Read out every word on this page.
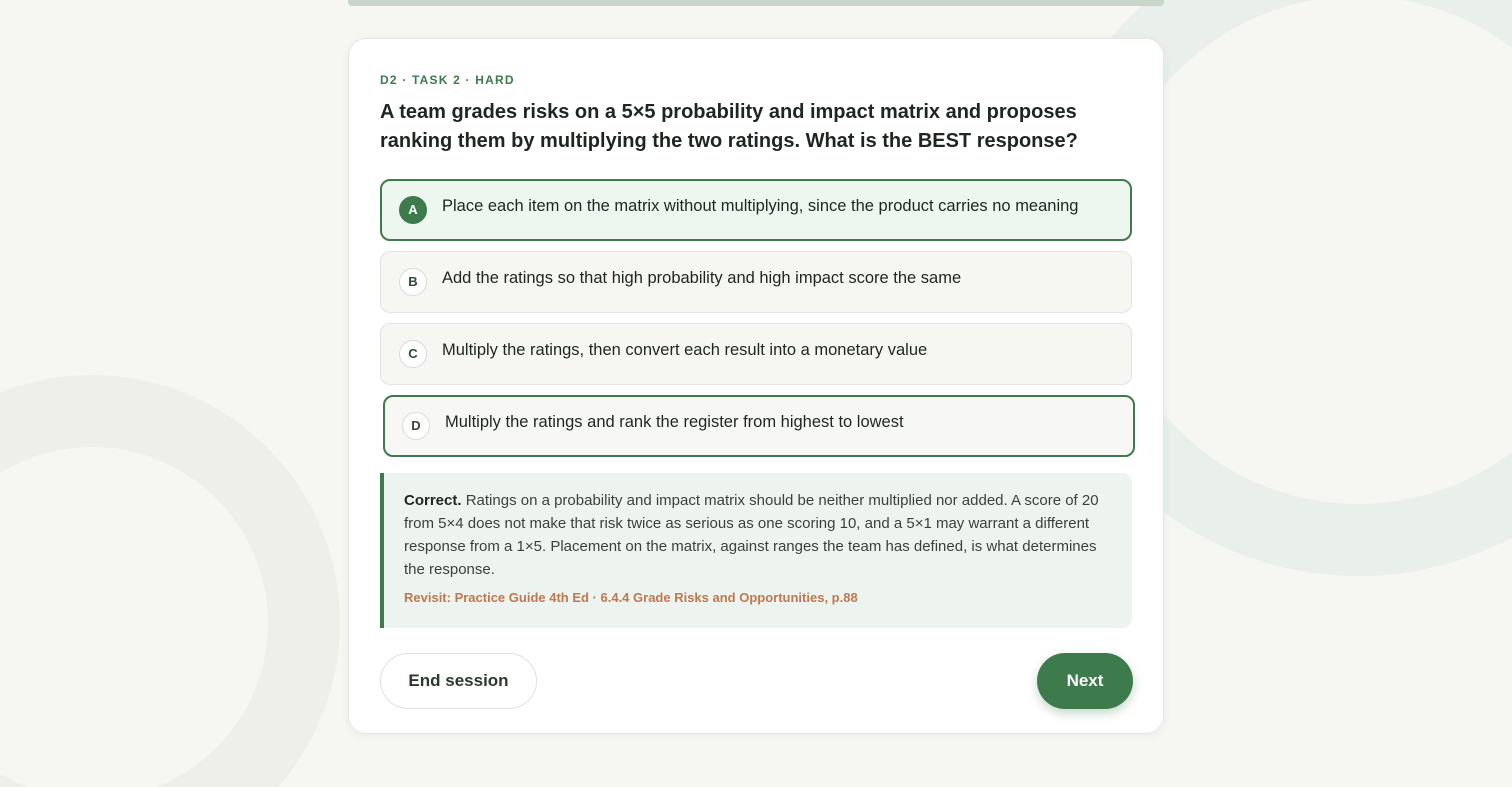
D2 · TASK 2 · HARD
A team grades risks on a 5×5 probability and impact matrix and proposes ranking them by multiplying the two ratings. What is the BEST response?
A	Place each item on the matrix without multiplying, since the product carries no meaning
B	Add the ratings so that high probability and high impact score the same
C	Multiply the ratings, then convert each result into a monetary value
D	Multiply the ratings and rank the register from highest to lowest
Correct. Ratings on a probability and impact matrix should be neither multiplied nor added. A score of 20 from 5×4 does not make that risk twice as serious as one scoring 10, and a 5×1 may warrant a different response from a 1×5. Placement on the matrix, against ranges the team has defined, is what determines the response.
Revisit: Practice Guide 4th Ed · 6.4.4 Grade Risks and Opportunities, p.88
End session	Next
